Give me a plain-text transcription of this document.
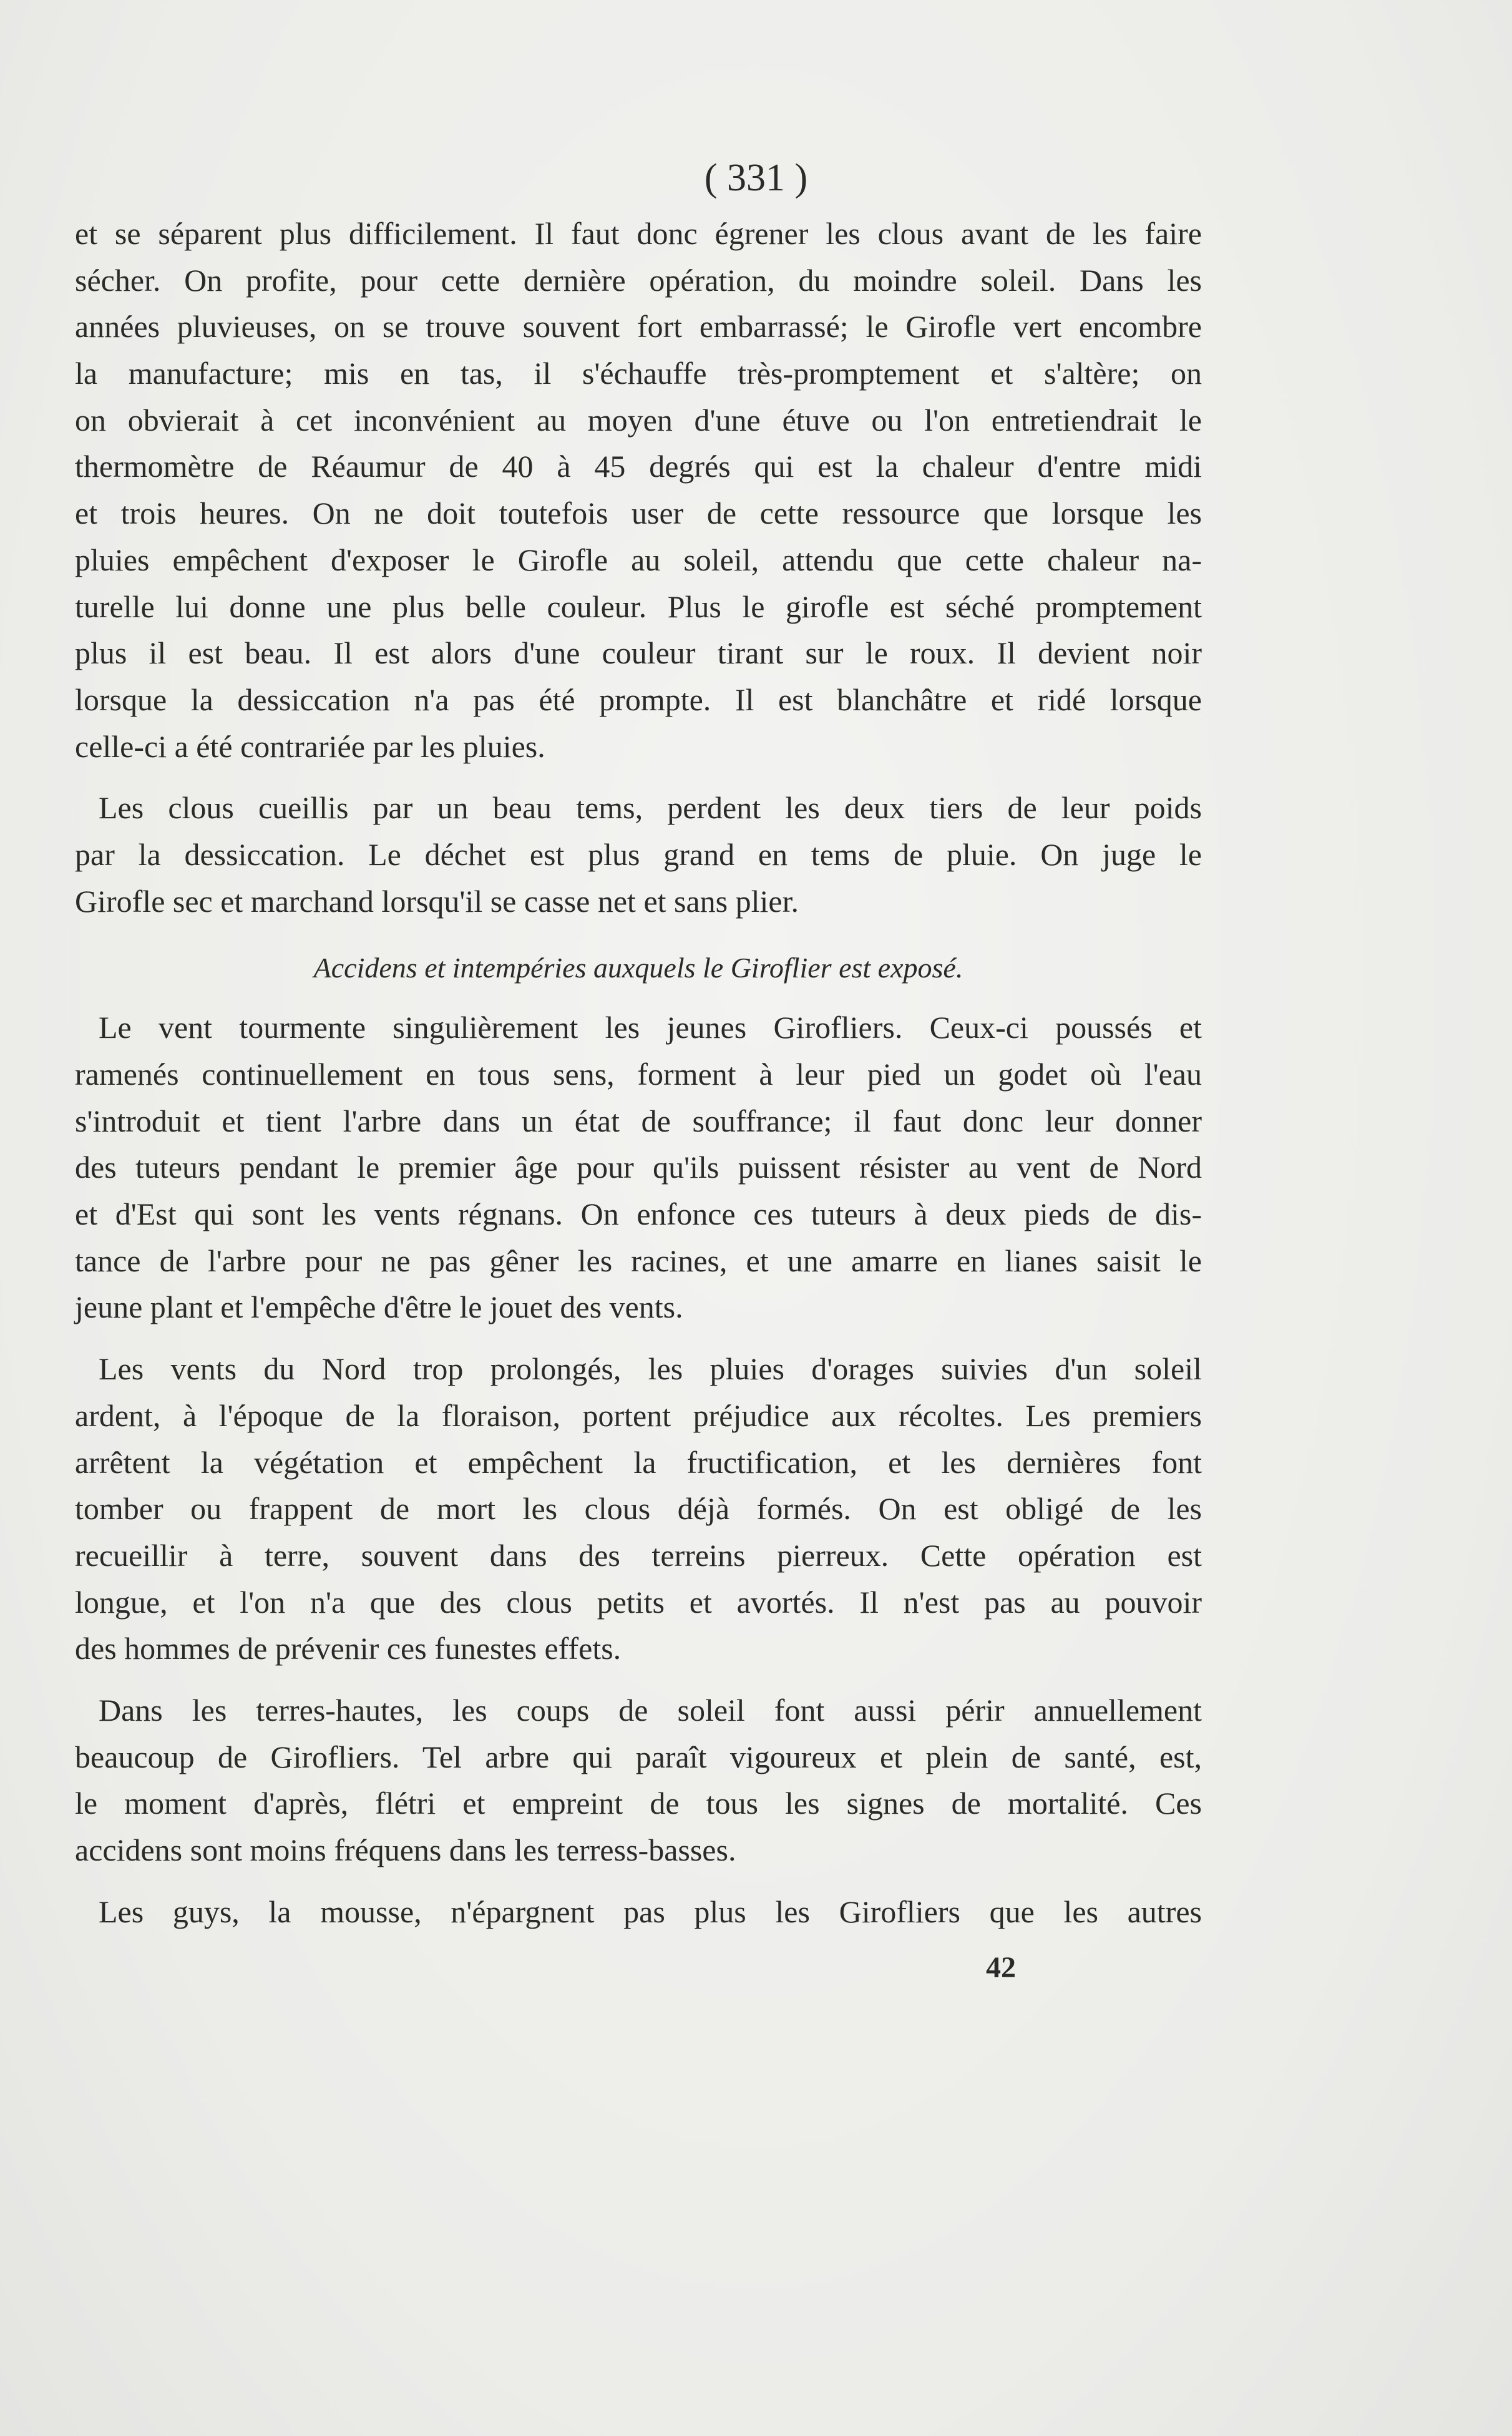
( 331 )
et se séparent plus difficilement. Il faut donc égrener les clous avant de les faire
sécher. On profite, pour cette dernière opération, du moindre soleil. Dans les
années pluvieuses, on se trouve souvent fort embarrassé; le Girofle vert encombre
la manufacture; mis en tas, il s'échauffe très-promptement et s'altère; on
on obvierait à cet inconvénient au moyen d'une étuve ou l'on entretiendrait le
thermomètre de Réaumur de 40 à 45 degrés qui est la chaleur d'entre midi
et trois heures. On ne doit toutefois user de cette ressource que lorsque les
pluies empêchent d'exposer le Girofle au soleil, attendu que cette chaleur na-
turelle lui donne une plus belle couleur. Plus le girofle est séché promptement
plus il est beau. Il est alors d'une couleur tirant sur le roux. Il devient noir
lorsque la dessiccation n'a pas été prompte. Il est blanchâtre et ridé lorsque
celle-ci a été contrariée par les pluies.
Les clous cueillis par un beau tems, perdent les deux tiers de leur poids
par la dessiccation. Le déchet est plus grand en tems de pluie. On juge le
Girofle sec et marchand lorsqu'il se casse net et sans plier.
Accidens et intempéries auxquels le Giroflier est exposé.
Le vent tourmente singulièrement les jeunes Girofliers. Ceux-ci poussés et
ramenés continuellement en tous sens, forment à leur pied un godet où l'eau
s'introduit et tient l'arbre dans un état de souffrance; il faut donc leur donner
des tuteurs pendant le premier âge pour qu'ils puissent résister au vent de Nord
et d'Est qui sont les vents régnans. On enfonce ces tuteurs à deux pieds de dis-
tance de l'arbre pour ne pas gêner les racines, et une amarre en lianes saisit le
jeune plant et l'empêche d'être le jouet des vents.
Les vents du Nord trop prolongés, les pluies d'orages suivies d'un soleil
ardent, à l'époque de la floraison, portent préjudice aux récoltes. Les premiers
arrêtent la végétation et empêchent la fructification, et les dernières font
tomber ou frappent de mort les clous déjà formés. On est obligé de les
recueillir à terre, souvent dans des terreins pierreux. Cette opération est
longue, et l'on n'a que des clous petits et avortés. Il n'est pas au pouvoir
des hommes de prévenir ces funestes effets.
Dans les terres-hautes, les coups de soleil font aussi périr annuellement
beaucoup de Girofliers. Tel arbre qui paraît vigoureux et plein de santé, est,
le moment d'après, flétri et empreint de tous les signes de mortalité. Ces
accidens sont moins fréquens dans les terress-basses.
Les guys, la mousse, n'épargnent pas plus les Girofliers que les autres
42
